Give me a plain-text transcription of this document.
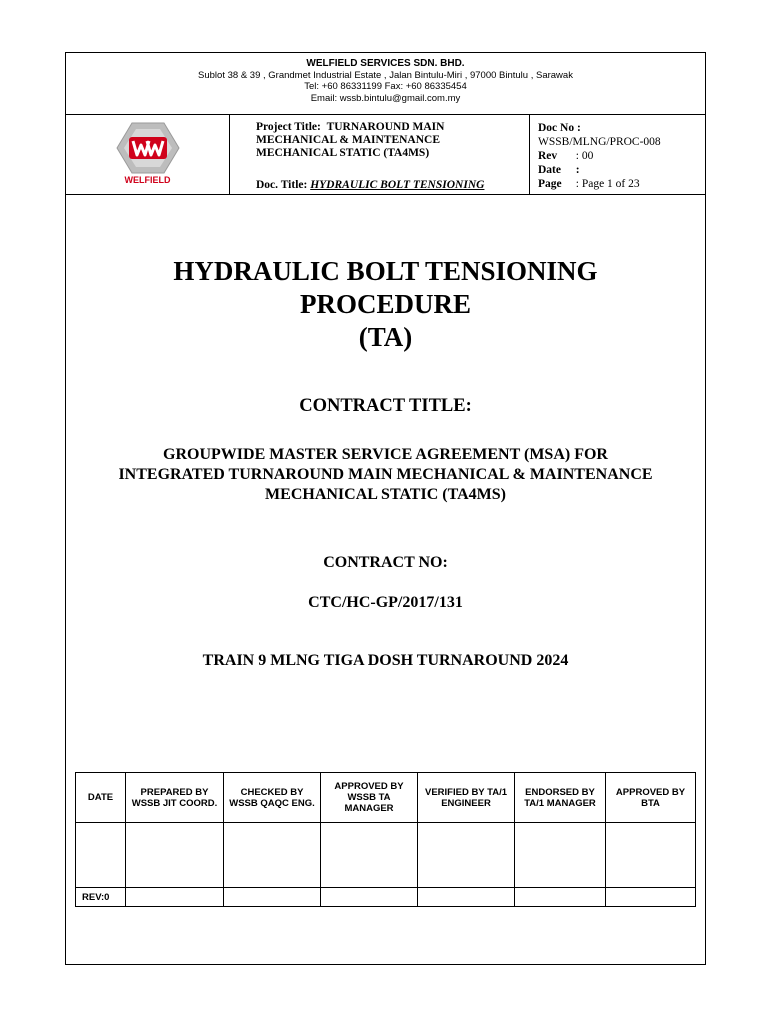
WELFIELD SERVICES SDN. BHD.
Sublot 38 & 39 , Grandmet Industrial Estate , Jalan Bintulu-Miri , 97000 Bintulu , Sarawak
Tel: +60 86331199 Fax: +60 86335454
Email: wssb.bintulu@gmail.com.my
WELFIELD
Project Title: TURNAROUND MAIN
MECHANICAL & MAINTENANCE
MECHANICAL STATIC (TA4MS)
Doc. Title: HYDRAULIC BOLT TENSIONING
Doc No :
WSSB/MLNG/PROC-008
Rev : 00
Date :
Page : Page 1 of 23
HYDRAULIC BOLT TENSIONING
PROCEDURE
(TA)
CONTRACT TITLE:
GROUPWIDE MASTER SERVICE AGREEMENT (MSA) FOR
INTEGRATED TURNAROUND MAIN MECHANICAL & MAINTENANCE
MECHANICAL STATIC (TA4MS)
CONTRACT NO:
CTC/HC-GP/2017/131
TRAIN 9 MLNG TIGA DOSH TURNAROUND 2024
DATE	PREPARED BY WSSB JIT COORD.	CHECKED BY WSSB QAQC ENG.	APPROVED BY WSSB TA MANAGER	VERIFIED BY TA/1 ENGINEER	ENDORSED BY TA/1 MANAGER	APPROVED BY BTA

REV:0						
